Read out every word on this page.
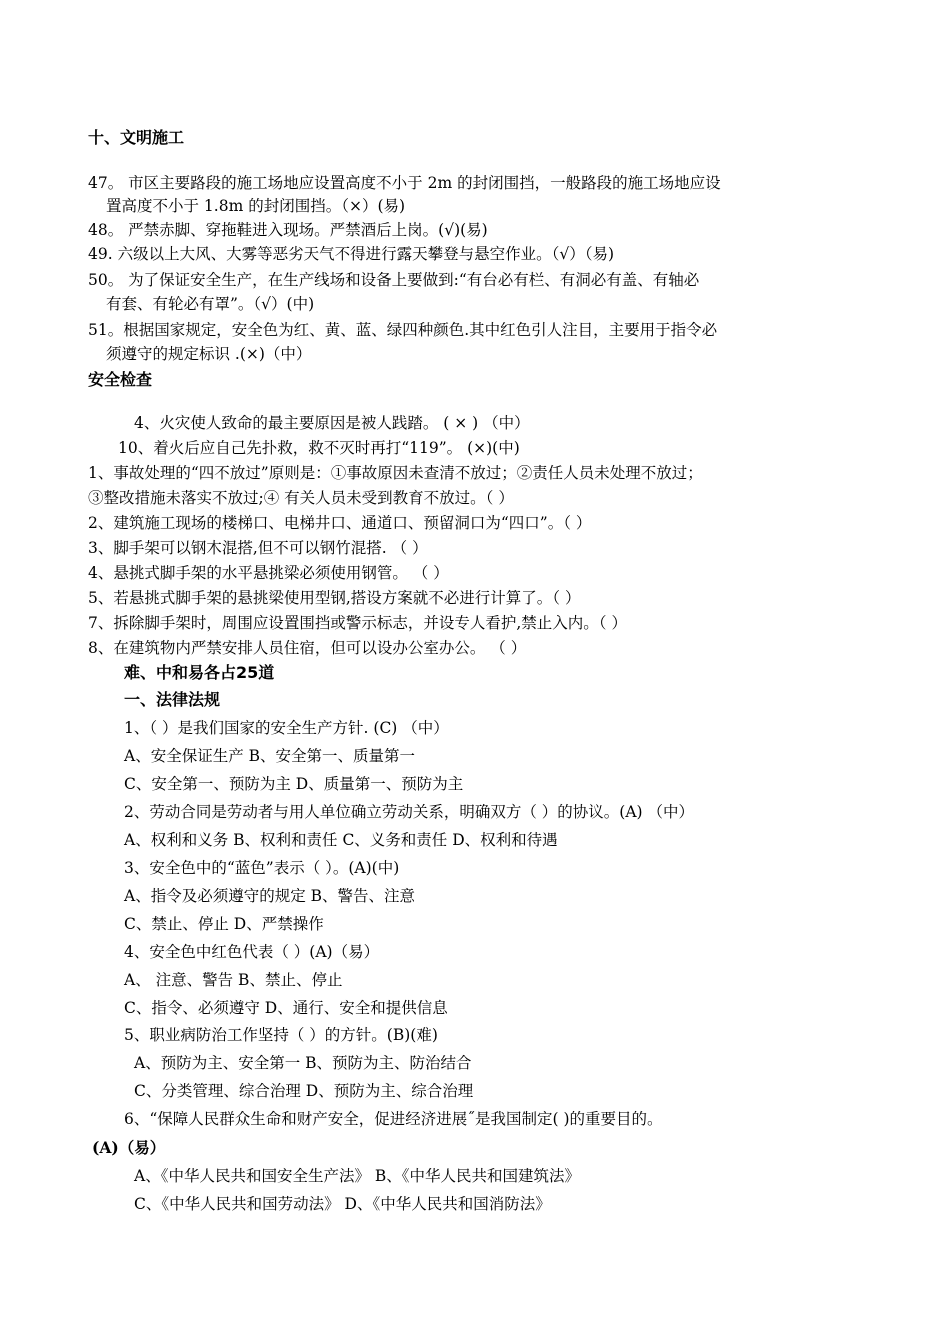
十、文明施工
47。 市区主要路段的施工场地应设置高度不小于 2m 的封闭围挡，一般路段的施工场地应设
置高度不小于 1.8m 的封闭围挡。（×）(易)
48。 严禁赤脚、穿拖鞋进入现场。严禁酒后上岗。(√)(易)
49. 六级以上大风、大雾等恶劣天气不得进行露天攀登与悬空作业。（√）（易)
50。 为了保证安全生产，在生产线场和设备上要做到:“有台必有栏、有洞必有盖、有轴必
有套、有轮必有罩”。（√）(中)
51。根据国家规定，安全色为红、黄、蓝、绿四种颜色.其中红色引人注目，主要用于指令必
须遵守的规定标识 .(×)（中）
安全检查
4、火灾使人致命的最主要原因是被人践踏。 ( × ) （中）
10、着火后应自己先扑救，救不灭时再打“119”。 (×)(中)
1、事故处理的“四不放过”原则是：①事故原因未查清不放过；②责任人员未处理不放过；
③整改措施未落实不放过;④ 有关人员未受到教育不放过。（ ）
2、建筑施工现场的楼梯口、电梯井口、通道口、预留洞口为“四口”。（ ）
3、脚手架可以钢木混搭,但不可以钢竹混搭. （ ）
4、悬挑式脚手架的水平悬挑梁必须使用钢管。 （ ）
5、若悬挑式脚手架的悬挑梁使用型钢,搭设方案就不必进行计算了。（ ）
7、拆除脚手架时，周围应设置围挡或警示标志，并设专人看护,禁止入内。（ ）
8、在建筑物内严禁安排人员住宿，但可以设办公室办公。 （ ）
难、中和易各占25道
一、法律法规
1、（ ）是我们国家的安全生产方针. (C) （中）
A、安全保证生产 B、安全第一、质量第一
C、安全第一、预防为主 D、质量第一、预防为主
2、劳动合同是劳动者与用人单位确立劳动关系，明确双方（ ）的协议。(A) （中）
A、权利和义务 B、权利和责任 C、义务和责任 D、权利和待遇
3、安全色中的“蓝色”表示（ ）。(A)(中)
A、指令及必须遵守的规定 B、警告、注意
C、禁止、停止 D、严禁操作
4、安全色中红色代表（ ）(A)（易）
A、 注意、警告 B、禁止、停止
C、指令、必须遵守 D、通行、安全和提供信息
5、职业病防治工作坚持（ ）的方针。(B)(难)
A、预防为主、安全第一 B、预防为主、防治结合
C、分类管理、综合治理 D、预防为主、综合治理
6、“保障人民群众生命和财产安全，促进经济进展˝是我国制定( )的重要目的。
(A)（易）
A、《中华人民共和国安全生产法》 B、《中华人民共和国建筑法》
C、《中华人民共和国劳动法》 D、《中华人民共和国消防法》
